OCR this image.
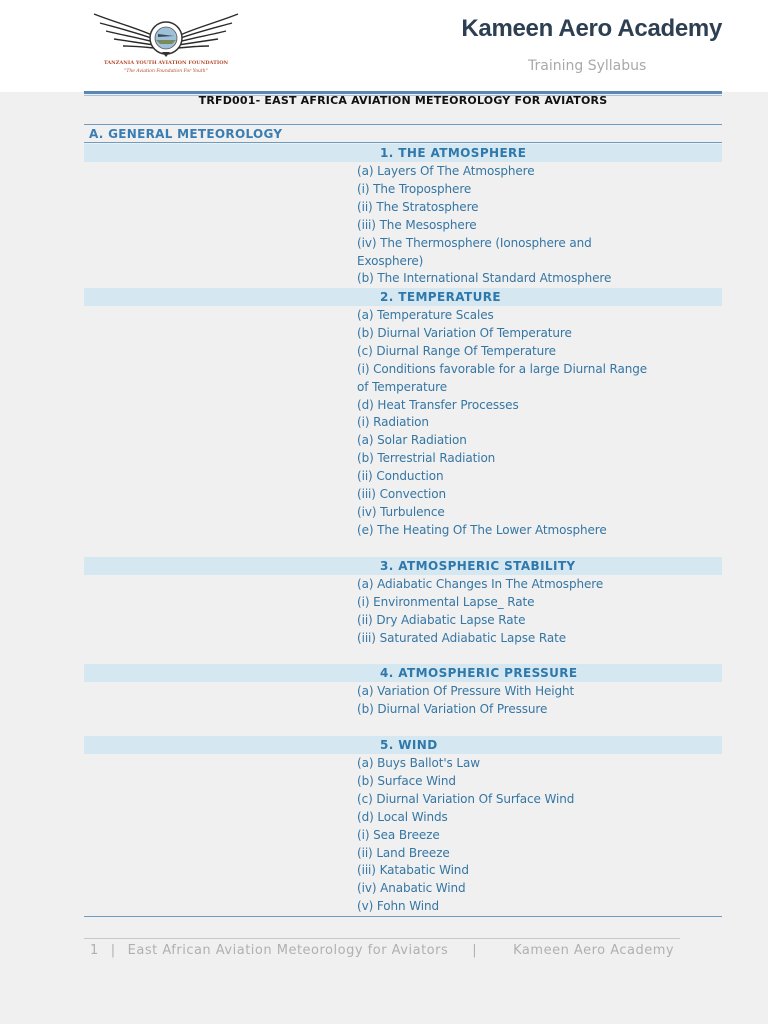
TANZANIA YOUTH AVIATION FOUNDATION
"The Aviation Foundation For Youth"
Kameen Aero Academy
Training Syllabus
TRFD001- EAST AFRICA AVIATION METEOROLOGY FOR AVIATORS
A. GENERAL METEOROLOGY
1. THE ATMOSPHERE
(a) Layers Of The Atmosphere
(i) The Troposphere
(ii) The Stratosphere
(iii) The Mesosphere
(iv) The Thermosphere (Ionosphere and Exosphere)
(b) The International Standard Atmosphere
2. TEMPERATURE
(a) Temperature Scales
(b) Diurnal Variation Of Temperature
(c) Diurnal Range Of Temperature
(i) Conditions favorable for a large Diurnal Range of Temperature
(d) Heat Transfer Processes
(i) Radiation
(a) Solar Radiation
(b) Terrestrial Radiation
(ii) Conduction
(iii) Convection
(iv) Turbulence
(e) The Heating Of The Lower Atmosphere
3. ATMOSPHERIC STABILITY
(a) Adiabatic Changes In The Atmosphere
(i) Environmental Lapse_ Rate
(ii) Dry Adiabatic Lapse Rate
(iii) Saturated Adiabatic Lapse Rate
4. ATMOSPHERIC PRESSURE
(a) Variation Of Pressure With Height
(b) Diurnal Variation Of Pressure
5. WIND
(a) Buys Ballot's Law
(b) Surface Wind
(c) Diurnal Variation Of Surface Wind
(d) Local Winds
(i) Sea Breeze
(ii) Land Breeze
(iii) Katabatic Wind
(iv) Anabatic Wind
(v) Fohn Wind
1 | East African Aviation Meteorology for Aviators |	Kameen Aero Academy
